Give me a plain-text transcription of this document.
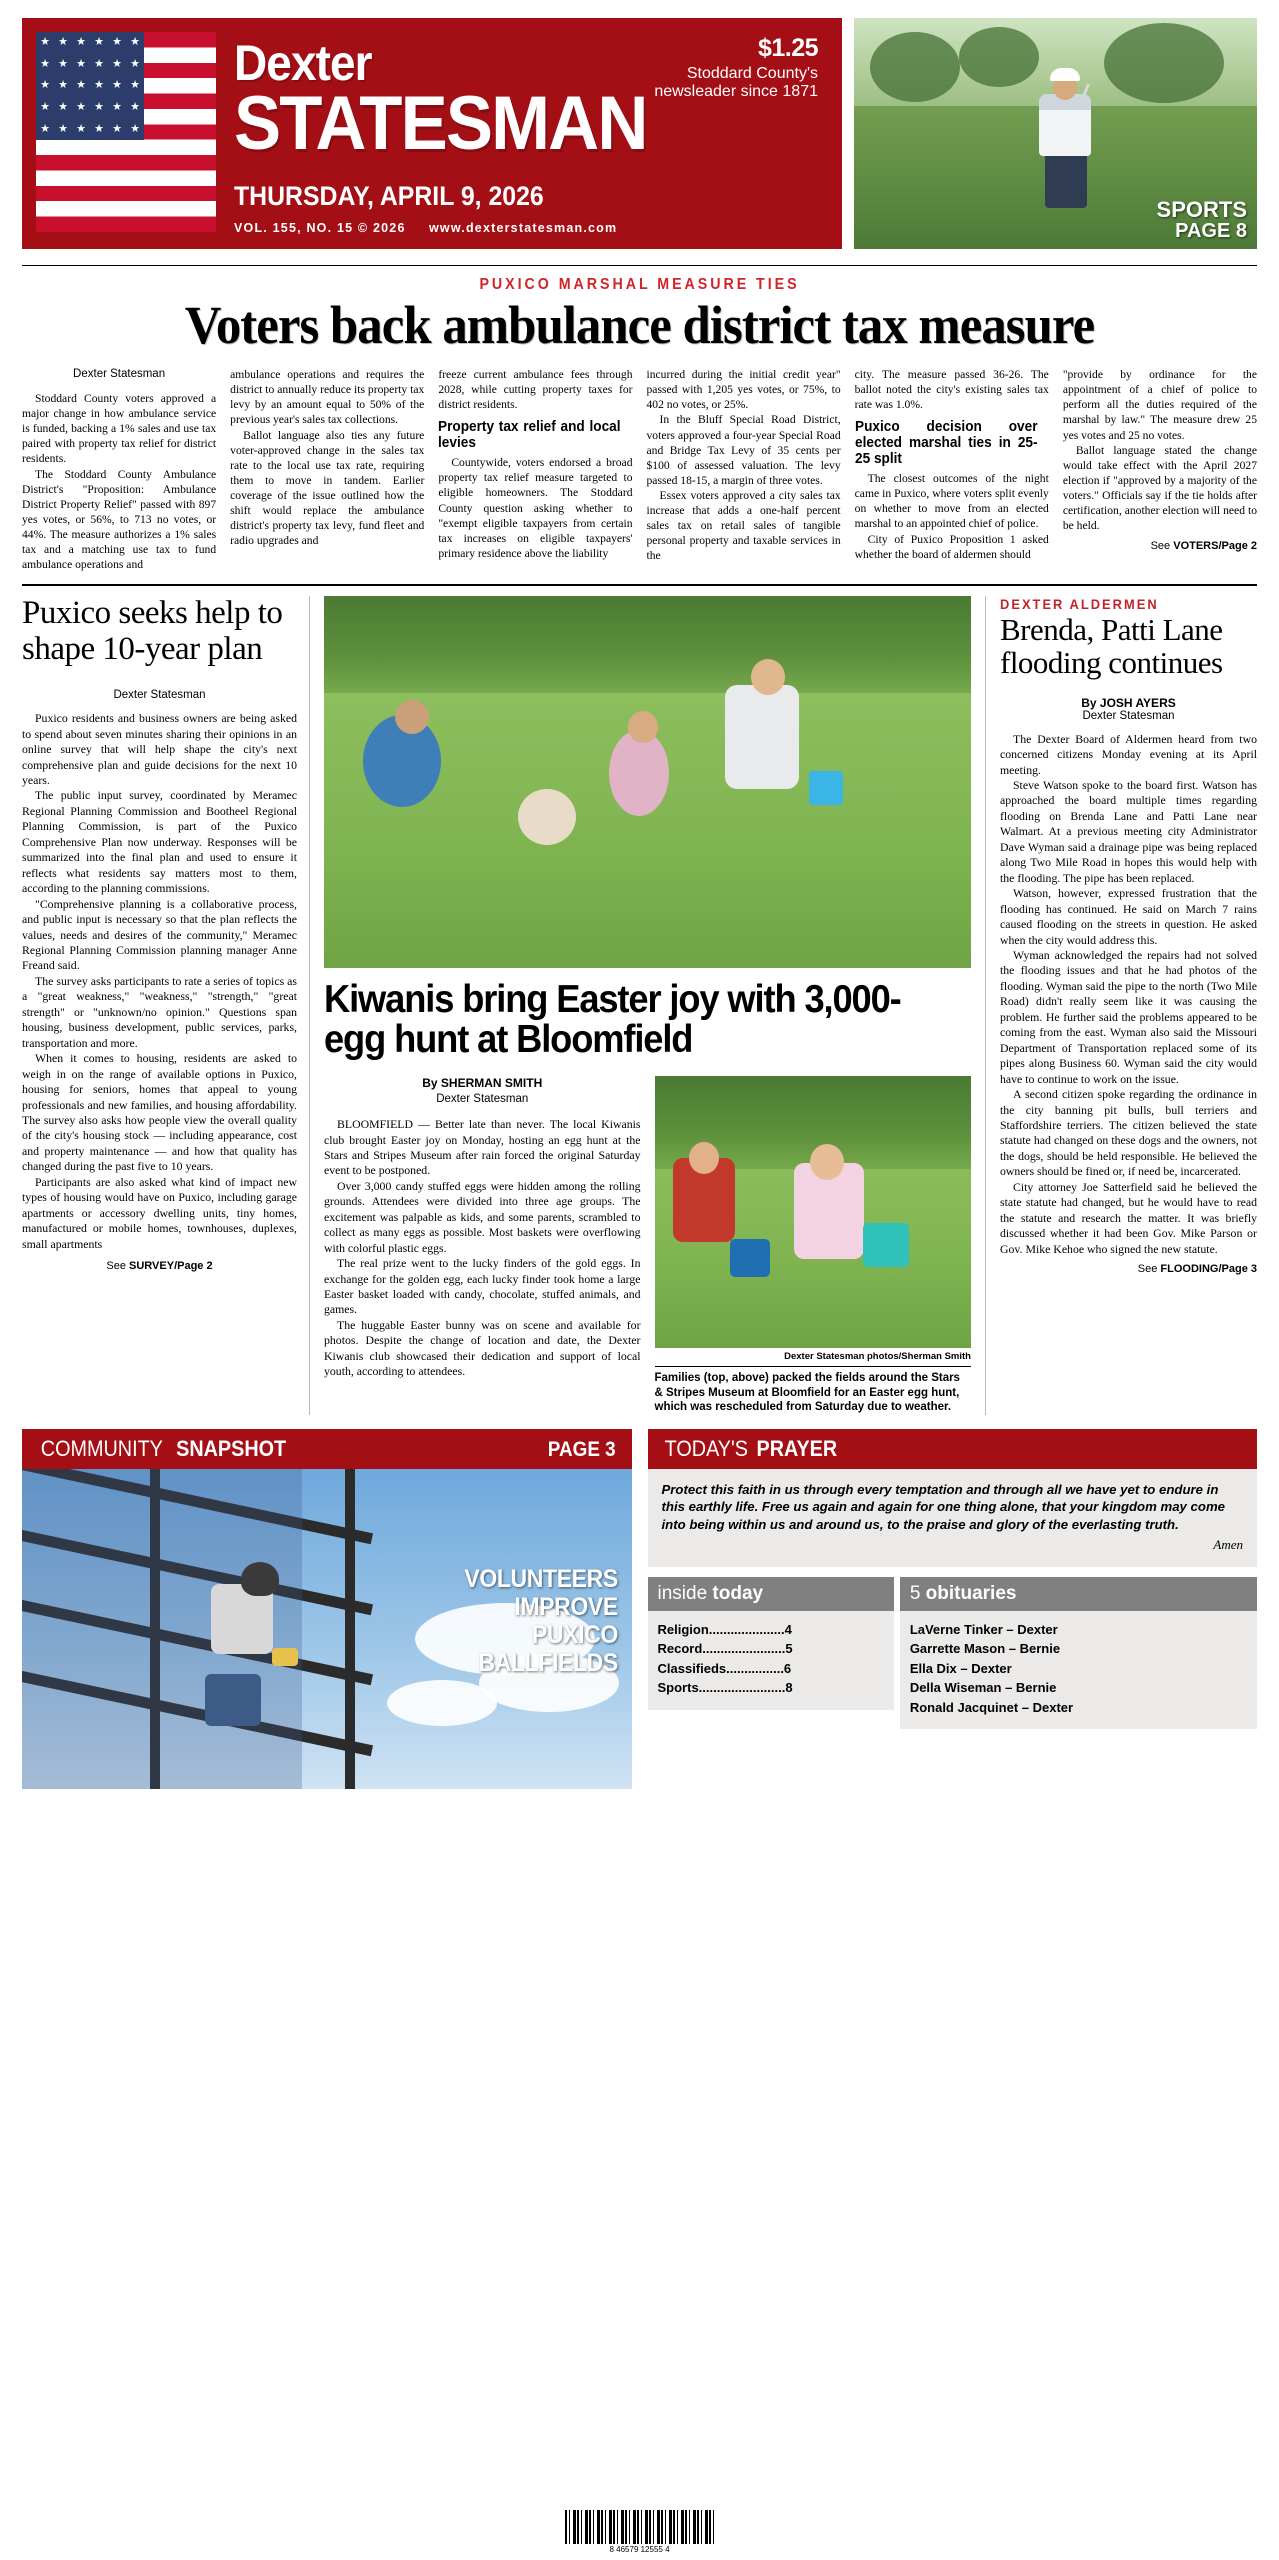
★ ★ ★ ★ ★ ★
★ ★ ★ ★ ★ ★
★ ★ ★ ★ ★ ★
★ ★ ★ ★ ★ ★
★ ★ ★ ★ ★ ★
$1.25
Stoddard County's
newsleader since 1871
Dexter
STATESMAN
THURSDAY, APRIL 9, 2026
VOL. 155, NO. 15 © 2026 www.dexterstatesman.com
SPORTS
PAGE 8
PUXICO MARSHAL MEASURE TIES
Voters back ambulance district tax measure
Dexter Statesman

Stoddard County voters approved a major change in how ambulance service is funded, backing a 1% sales and use tax paired with property tax relief for district residents.

The Stoddard County Ambulance District's "Proposition: Ambulance District Property Relief" passed with 897 yes votes, or 56%, to 713 no votes, or 44%. The measure authorizes a 1% sales tax and a matching use tax to fund ambulance operations and

ambulance operations and requires the district to annually reduce its property tax levy by an amount equal to 50% of the previous year's sales tax collections.

Ballot language also ties any future voter-approved change in the sales tax rate to the local use tax rate, requiring them to move in tandem. Earlier coverage of the issue outlined how the shift would replace the ambulance district's property tax levy, fund fleet and radio upgrades and

freeze current ambulance fees through 2028, while cutting property taxes for district residents.

Property tax relief and local levies

Countywide, voters endorsed a broad property tax relief measure targeted to eligible homeowners. The Stoddard County question asking whether to "exempt eligible taxpayers from certain tax increases on eligible taxpayers' primary residence above the liability

incurred during the initial credit year" passed with 1,205 yes votes, or 75%, to 402 no votes, or 25%.

In the Bluff Special Road District, voters approved a four-year Special Road and Bridge Tax Levy of 35 cents per $100 of assessed valuation. The levy passed 18-15, a margin of three votes.

Essex voters approved a city sales tax increase that adds a one-half percent sales tax on retail sales of tangible personal property and taxable services in the

city. The measure passed 36-26. The ballot noted the city's existing sales tax rate was 1.0%.

Puxico decision over elected marshal ties in 25-25 split

The closest outcomes of the night came in Puxico, where voters split evenly on whether to move from an elected marshal to an appointed chief of police.

City of Puxico Proposition 1 asked whether the board of aldermen should

"provide by ordinance for the appointment of a chief of police to perform all the duties required of the marshal by law." The measure drew 25 yes votes and 25 no votes.

Ballot language stated the change would take effect with the April 2027 election if "approved by a majority of the voters." Officials say if the tie holds after certification, another election will need to be held.

See VOTERS/Page 2
Puxico seeks help to shape 10-year plan
Dexter Statesman

Puxico residents and business owners are being asked to spend about seven minutes sharing their opinions in an online survey that will help shape the city's next comprehensive plan and guide decisions for the next 10 years.

The public input survey, coordinated by Meramec Regional Planning Commission and Bootheel Regional Planning Commission, is part of the Puxico Comprehensive Plan now underway. Responses will be summarized into the final plan and used to ensure it reflects what residents say matters most to them, according to the planning commissions.

"Comprehensive planning is a collaborative process, and public input is necessary so that the plan reflects the values, needs and desires of the community," Meramec Regional Planning Commission planning manager Anne Freand said.

The survey asks participants to rate a series of topics as a "great weakness," "weakness," "strength," "great strength" or "unknown/no opinion." Questions span housing, business development, public services, parks, transportation and more.

When it comes to housing, residents are asked to weigh in on the range of available options in Puxico, housing for seniors, homes that appeal to young professionals and new families, and housing affordability. The survey also asks how people view the overall quality of the city's housing stock — including appearance, cost and property maintenance — and how that quality has changed during the past five to 10 years.

Participants are also asked what kind of impact new types of housing would have on Puxico, including garage apartments or accessory dwelling units, tiny homes, manufactured or mobile homes, townhouses, duplexes, small apartments

See SURVEY/Page 2
Kiwanis bring Easter joy with 3,000-egg hunt at Bloomfield
By SHERMAN SMITH
Dexter Statesman

BLOOMFIELD — Better late than never. The local Kiwanis club brought Easter joy on Monday, hosting an egg hunt at the Stars and Stripes Museum after rain forced the original Saturday event to be postponed.

Over 3,000 candy stuffed eggs were hidden among the rolling grounds. Attendees were divided into three age groups. The excitement was palpable as kids, and some parents, scrambled to collect as many eggs as possible. Most baskets were overflowing with colorful plastic eggs.

The real prize went to the lucky finders of the gold eggs. In exchange for the golden egg, each lucky finder took home a large Easter basket loaded with candy, chocolate, stuffed animals, and games.

The huggable Easter bunny was on scene and available for photos. Despite the change of location and date, the Dexter Kiwanis club showcased their dedication and support of local youth, according to attendees.

Dexter Statesman photos/Sherman Smith
Families (top, above) packed the fields around the Stars & Stripes Museum at Bloomfield for an Easter egg hunt, which was rescheduled from Saturday due to weather.
DEXTER ALDERMEN
Brenda, Patti Lane flooding continues
By JOSH AYERS
Dexter Statesman

The Dexter Board of Aldermen heard from two concerned citizens Monday evening at its April meeting.

Steve Watson spoke to the board first. Watson has approached the board multiple times regarding flooding on Brenda Lane and Patti Lane near Walmart. At a previous meeting city Administrator Dave Wyman said a drainage pipe was being replaced along Two Mile Road in hopes this would help with the flooding. The pipe has been replaced.

Watson, however, expressed frustration that the flooding has continued. He said on March 7 rains caused flooding on the streets in question. He asked when the city would address this.

Wyman acknowledged the repairs had not solved the flooding issues and that he had photos of the flooding. Wyman said the pipe to the north (Two Mile Road) didn't really seem like it was causing the problem. He further said the problems appeared to be coming from the east. Wyman also said the Missouri Department of Transportation replaced some of its pipes along Business 60. Wyman said the city would have to continue to work on the issue.

A second citizen spoke regarding the ordinance in the city banning pit bulls, bull terriers and Staffordshire terriers. The citizen believed the state statute had changed on these dogs and the owners, not the dogs, should be held responsible. He believed the owners should be fined or, if need be, incarcerated.

City attorney Joe Satterfield said he believed the state statute had changed, but he would have to read the statute and research the matter. It was briefly discussed whether it had been Gov. Mike Parson or Gov. Mike Kehoe who signed the new statute.

See FLOODING/Page 3
COMMUNITYSNAPSHOT	PAGE 3
VOLUNTEERS
IMPROVE
PUXICO
BALLFIELDS
TODAY'SPRAYER
Protect this faith in us through every temptation and through all we have yet to endure in this earthly life. Free us again and again for one thing alone, that your kingdom may come into being within us and around us, to the praise and glory of the everlasting truth.
Amen
inside today
Religion.....................4
Record.......................5
Classifieds................6
Sports........................8
5 obituaries
LaVerne Tinker – Dexter
Garrette Mason – Bernie
Ella Dix – Dexter
Della Wiseman – Bernie
Ronald Jacquinet – Dexter
8 46579 12555 4
